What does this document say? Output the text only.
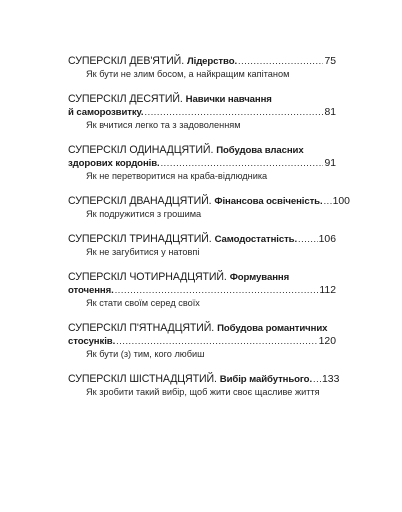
СУПЕРСКІЛ ДЕВ'ЯТИЙ.
Лідерство. .....	75
Як бути не злим босом, а найкращим капітаном
СУПЕРСКІЛ ДЕСЯТИЙ. Навички навчання
й саморозвитку. .....	81
Як вчитися легко та з задоволенням
СУПЕРСКІЛ ОДИНАДЦЯТИЙ. Побудова власних
здорових кордонів. .....	91
Як не перетворитися на краба-відлюдника
СУПЕРСКІЛ ДВАНАДЦЯТИЙ.
Фінансова освіченість. ..... 100
Як подружитися з грошима
СУПЕРСКІЛ ТРИНАДЦЯТИЙ.
Самодостатність. ..... 106
Як не загубитися у натовпі
СУПЕРСКІЛ ЧОТИРНАДЦЯТИЙ. Формування
оточення. .....	112
Як стати своїм серед своїх
СУПЕРСКІЛ П'ЯТНАДЦЯТИЙ. Побудова романтичних
стосунків. .....	120
Як бути (з) тим, кого любиш
СУПЕРСКІЛ ШІСТНАДЦЯТИЙ.
Вибір майбутнього. ..... 133
Як зробити такий вибір, щоб жити своє щасливе життя
